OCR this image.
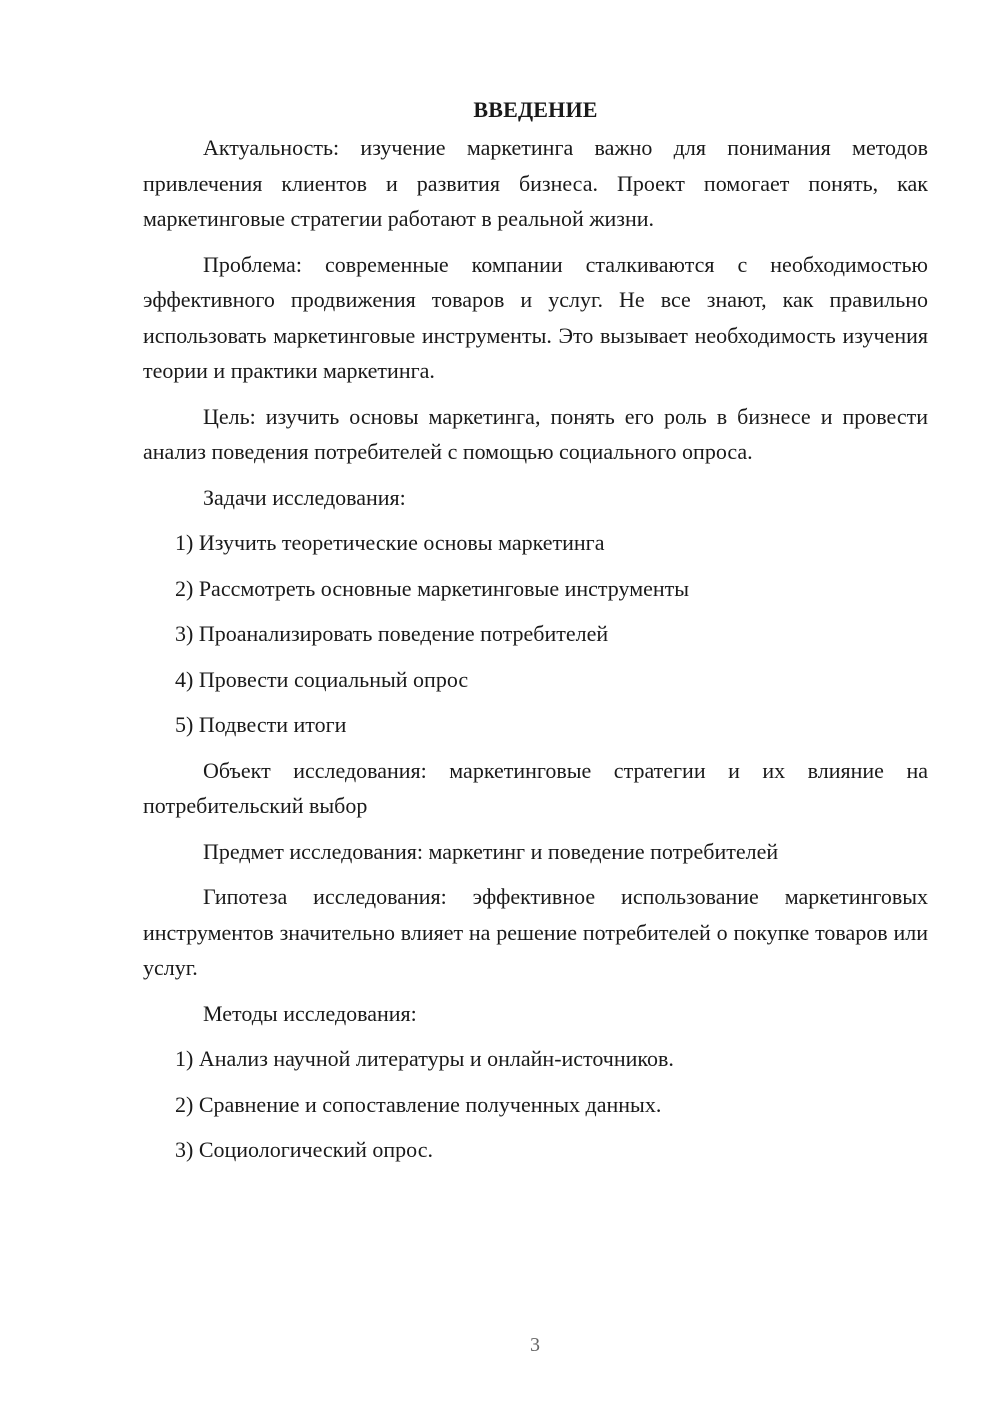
ВВЕДЕНИЕ

Актуальность: изучение маркетинга важно для понимания методов привлечения клиентов и развития бизнеса. Проект помогает понять, как маркетинговые стратегии работают в реальной жизни.

Проблема: современные компании сталкиваются с необходимостью эффективного продвижения товаров и услуг. Не все знают, как правильно использовать маркетинговые инструменты. Это вызывает необходимость изучения теории и практики маркетинга.

Цель: изучить основы маркетинга, понять его роль в бизнесе и провести анализ поведения потребителей с помощью социального опроса.

Задачи исследования:

1) Изучить теоретические основы маркетинга
2) Рассмотреть основные маркетинговые инструменты
3) Проанализировать поведение потребителей
4) Провести социальный опрос
5) Подвести итоги

Объект исследования: маркетинговые стратегии и их влияние на потребительский выбор

Предмет исследования: маркетинг и поведение потребителей

Гипотеза исследования: эффективное использование маркетинговых инструментов значительно влияет на решение потребителей о покупке товаров или услуг.

Методы исследования:

1) Анализ научной литературы и онлайн-источников.
2) Сравнение и сопоставление полученных данных.
3) Социологический опрос.
3
